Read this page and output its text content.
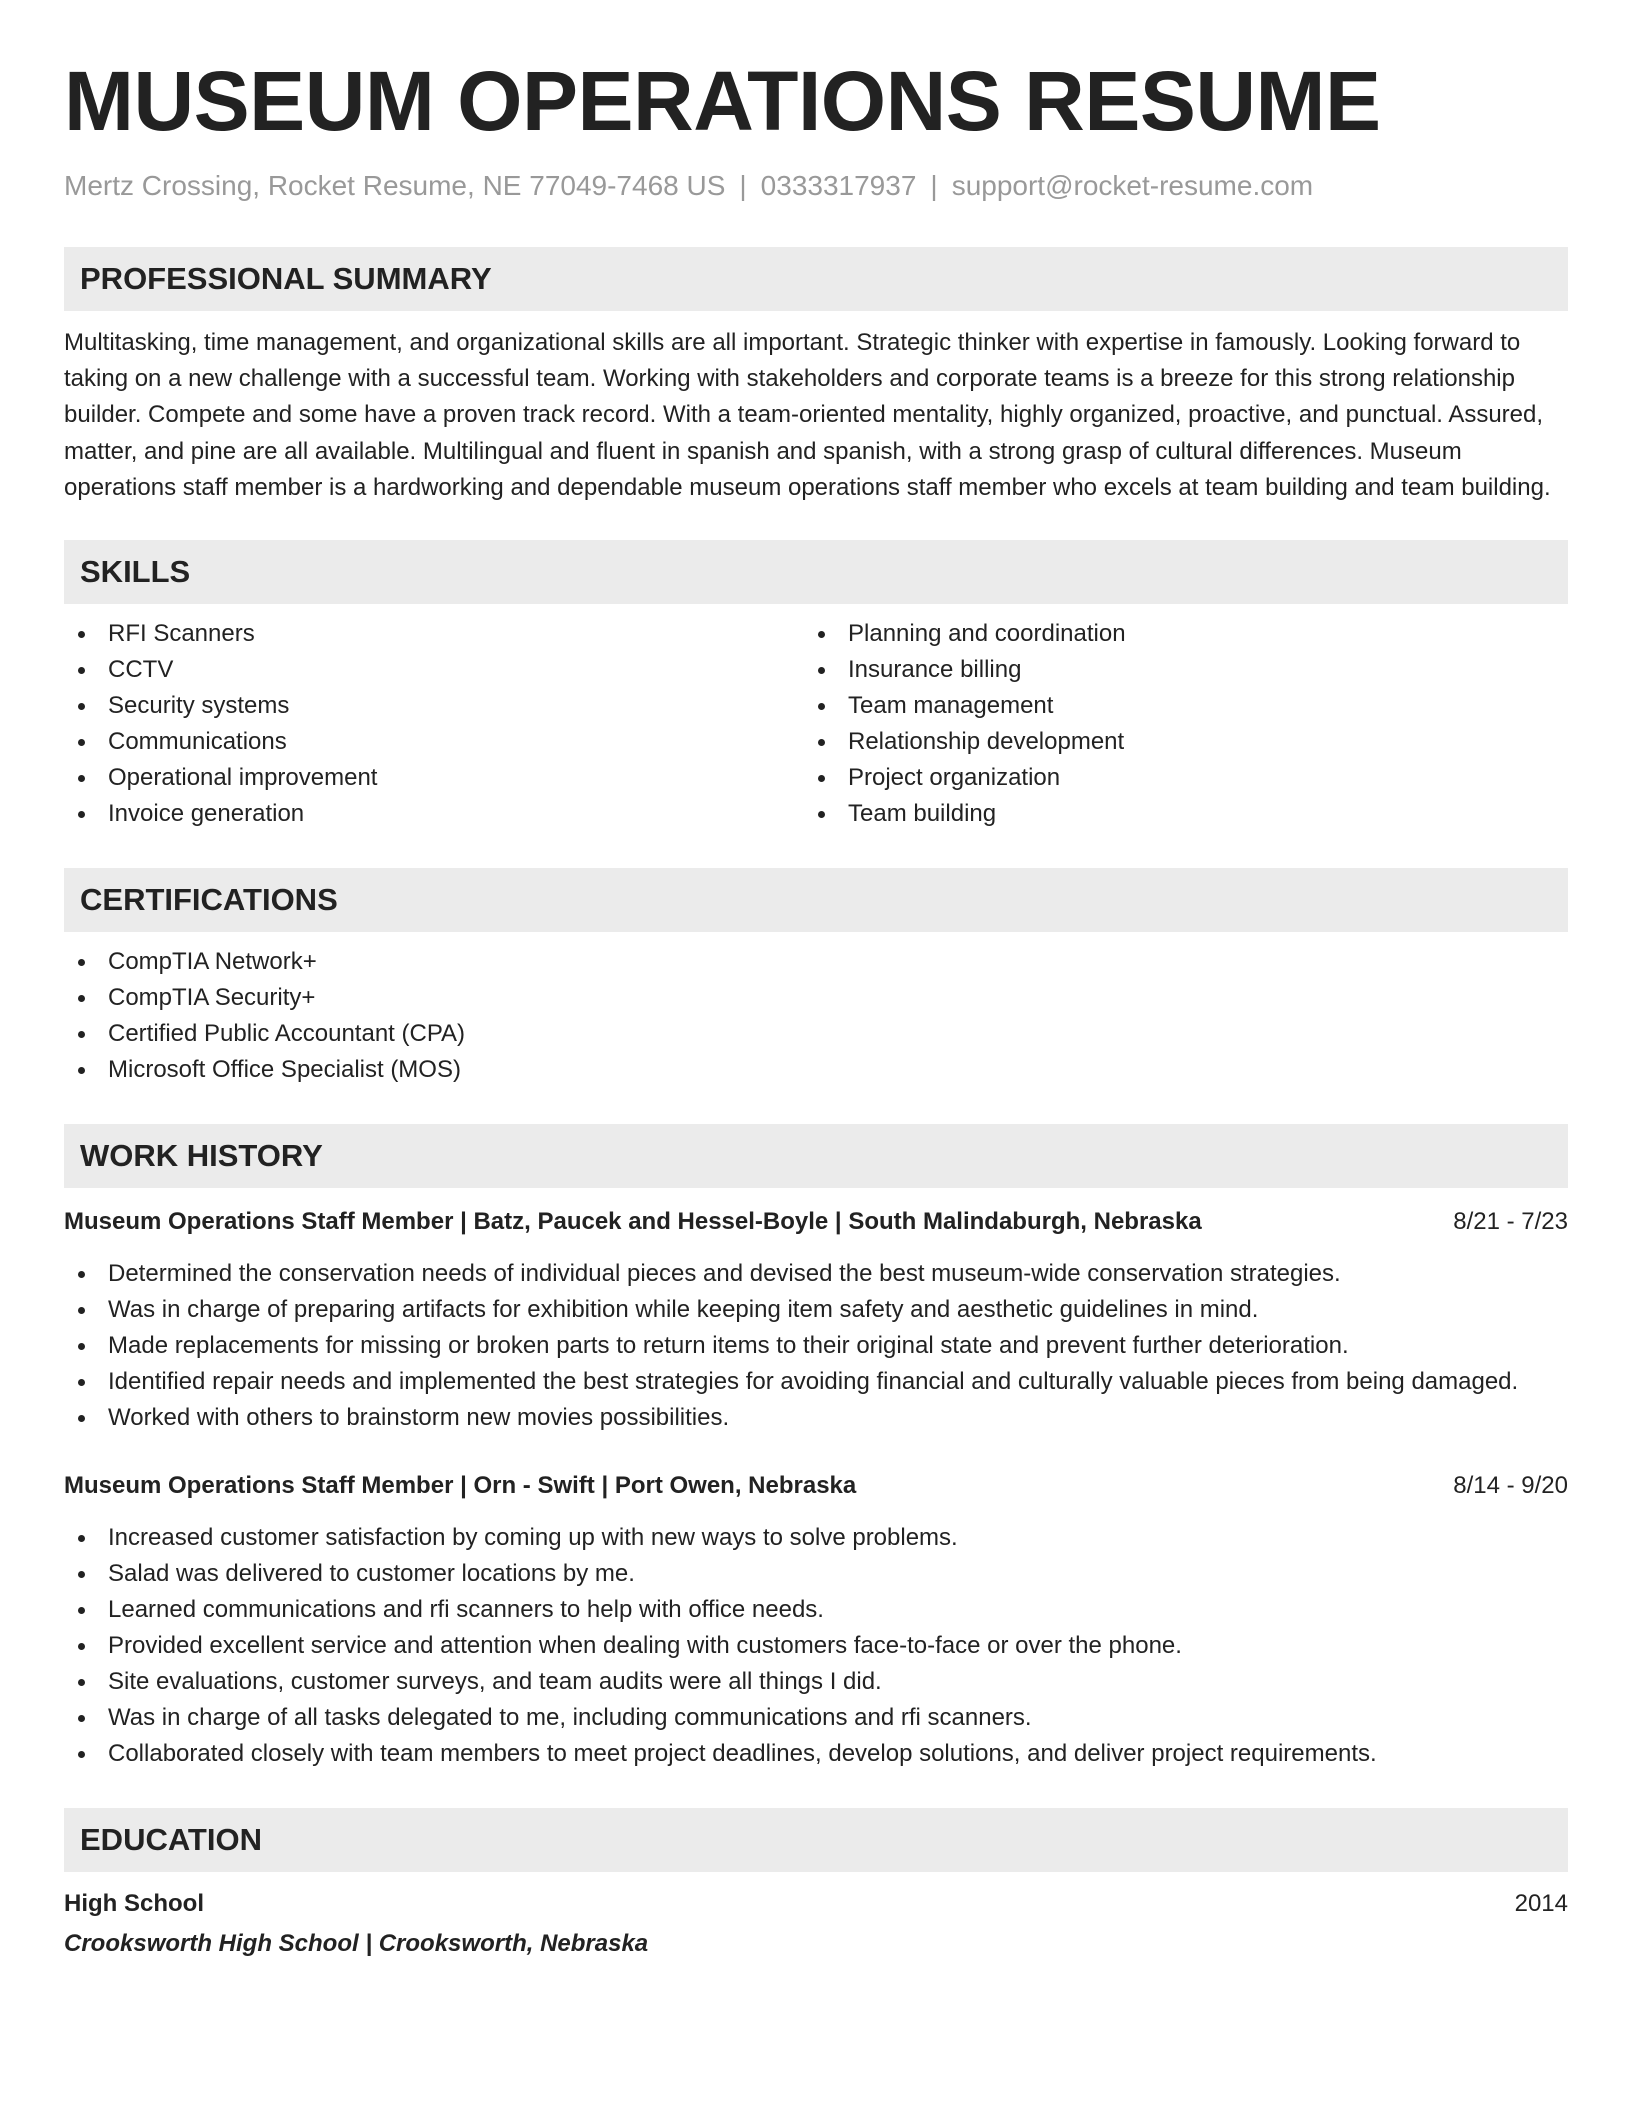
MUSEUM OPERATIONS RESUME
Mertz Crossing, Rocket Resume, NE 77049-7468 US | 0333317937 | support@rocket-resume.com
PROFESSIONAL SUMMARY

Multitasking, time management, and organizational skills are all important. Strategic thinker with expertise in famously. Looking forward to taking on a new challenge with a successful team. Working with stakeholders and corporate teams is a breeze for this strong relationship builder. Compete and some have a proven track record. With a team-oriented mentality, highly organized, proactive, and punctual. Assured, matter, and pine are all available. Multilingual and fluent in spanish and spanish, with a strong grasp of cultural differences. Museum operations staff member is a hardworking and dependable museum operations staff member who excels at team building and team building.

SKILLS
RFI Scanners
CCTV
Security systems
Communications
Operational improvement
Invoice generation
Planning and coordination
Insurance billing
Team management
Relationship development
Project organization
Team building
CERTIFICATIONS
CompTIA Network+
CompTIA Security+
Certified Public Accountant (CPA)
Microsoft Office Specialist (MOS)
WORK HISTORY
Museum Operations Staff Member | Batz, Paucek and Hessel-Boyle | South Malindaburgh, Nebraska	8/21 - 7/23
Determined the conservation needs of individual pieces and devised the best museum-wide conservation strategies.
Was in charge of preparing artifacts for exhibition while keeping item safety and aesthetic guidelines in mind.
Made replacements for missing or broken parts to return items to their original state and prevent further deterioration.
Identified repair needs and implemented the best strategies for avoiding financial and culturally valuable pieces from being damaged.
Worked with others to brainstorm new movies possibilities.
Museum Operations Staff Member | Orn - Swift | Port Owen, Nebraska	8/14 - 9/20
Increased customer satisfaction by coming up with new ways to solve problems.
Salad was delivered to customer locations by me.
Learned communications and rfi scanners to help with office needs.
Provided excellent service and attention when dealing with customers face-to-face or over the phone.
Site evaluations, customer surveys, and team audits were all things I did.
Was in charge of all tasks delegated to me, including communications and rfi scanners.
Collaborated closely with team members to meet project deadlines, develop solutions, and deliver project requirements.
EDUCATION
High School	2014
Crooksworth High School | Crooksworth, Nebraska
